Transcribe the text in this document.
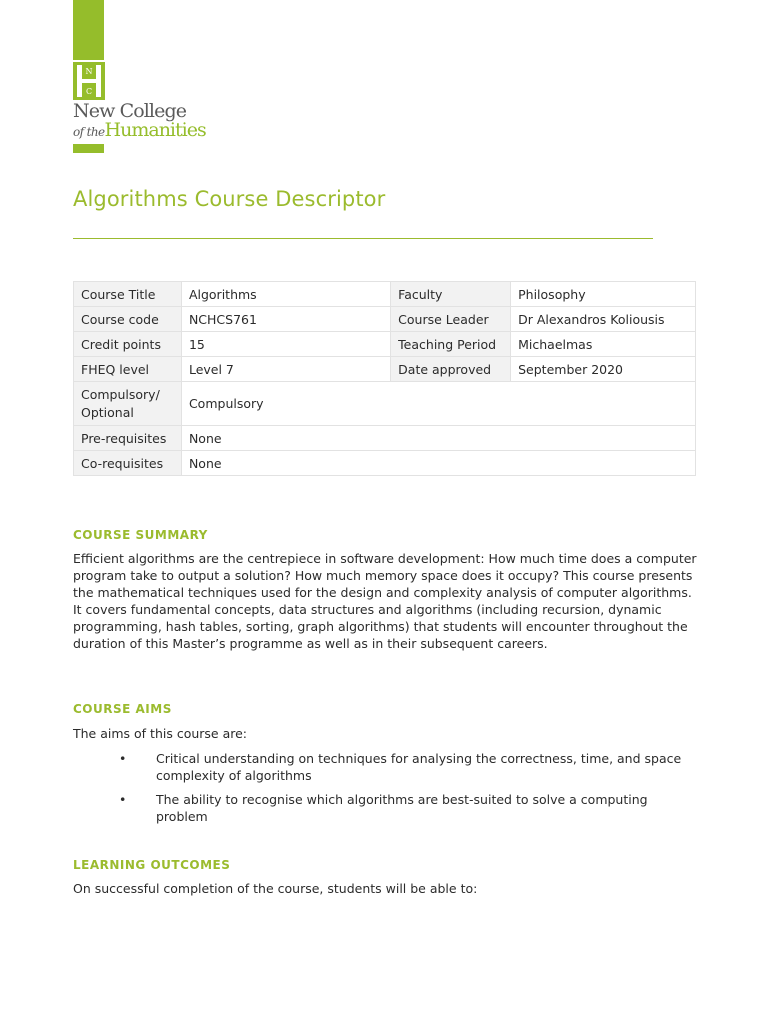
N
C
New College
of theHumanities
Algorithms Course Descriptor
Course Title	Algorithms	Faculty	Philosophy
Course code	NCHCS761	Course Leader	Dr Alexandros Koliousis
Credit points	15	Teaching Period	Michaelmas
FHEQ level	Level 7	Date approved	September 2020
Compulsory/ Optional	Compulsory		
Pre-requisites	None		
Co-requisites	None		
COURSE SUMMARY
Efficient algorithms are the centrepiece in software development: How much time does a computer program take to output a solution? How much memory space does it occupy? This course presents the mathematical techniques used for the design and complexity analysis of computer algorithms. It covers fundamental concepts, data structures and algorithms (including recursion, dynamic programming, hash tables, sorting, graph algorithms) that students will encounter throughout the duration of this Master’s programme as well as in their subsequent careers.
COURSE AIMS
The aims of this course are:
• Critical understanding on techniques for analysing the correctness, time, and space complexity of algorithms
• The ability to recognise which algorithms are best-suited to solve a computing problem
LEARNING OUTCOMES
On successful completion of the course, students will be able to:
